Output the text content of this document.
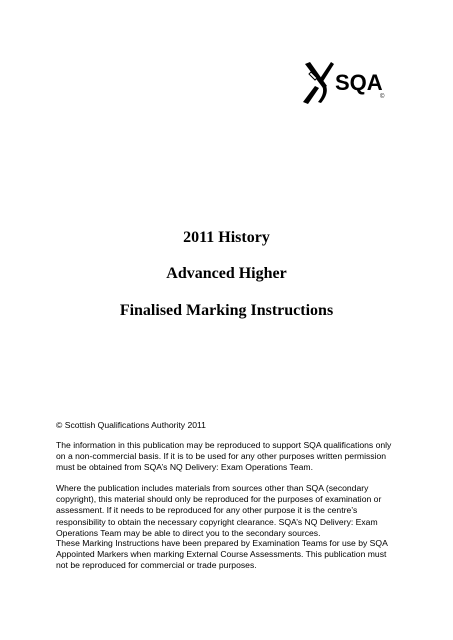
SQA
©
2011 History
Advanced Higher
Finalised Marking Instructions

© Scottish Qualifications Authority 2011

The information in this publication may be reproduced to support SQA qualifications only on a non-commercial basis. If it is to be used for any other purposes written permission must be obtained from SQA’s NQ Delivery: Exam Operations Team.

Where the publication includes materials from sources other than SQA (secondary copyright), this material should only be reproduced for the purposes of examination or assessment. If it needs to be reproduced for any other purpose it is the centre’s responsibility to obtain the necessary copyright clearance. SQA’s NQ Delivery: Exam Operations Team may be able to direct you to the secondary sources.

These Marking Instructions have been prepared by Examination Teams for use by SQA Appointed Markers when marking External Course Assessments. This publication must not be reproduced for commercial or trade purposes.
